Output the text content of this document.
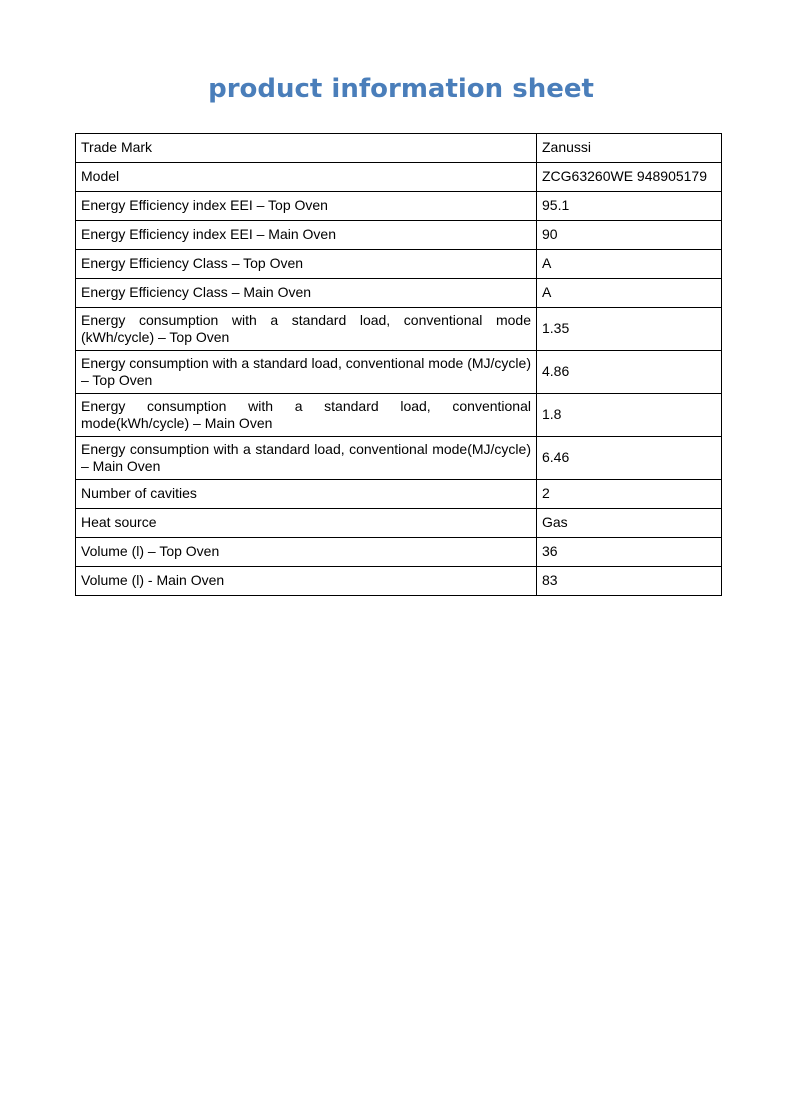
product information sheet
Trade Mark	Zanussi
Model	ZCG63260WE 948905179
Energy Efficiency index EEI – Top Oven	95.1
Energy Efficiency index EEI – Main Oven	90
Energy Efficiency Class – Top Oven	A
Energy Efficiency Class – Main Oven	A
Energy consumption with a standard load, conventional mode (kWh/cycle) – Top Oven	1.35
Energy consumption with a standard load, conventional mode (MJ/cycle) – Top Oven	4.86
Energy consumption with a standard load, conventional mode(kWh/cycle) – Main Oven	1.8
Energy consumption with a standard load, conventional mode(MJ/cycle) – Main Oven	6.46
Number of cavities	2
Heat source	Gas
Volume (l) – Top Oven	36
Volume (l) - Main Oven	83
